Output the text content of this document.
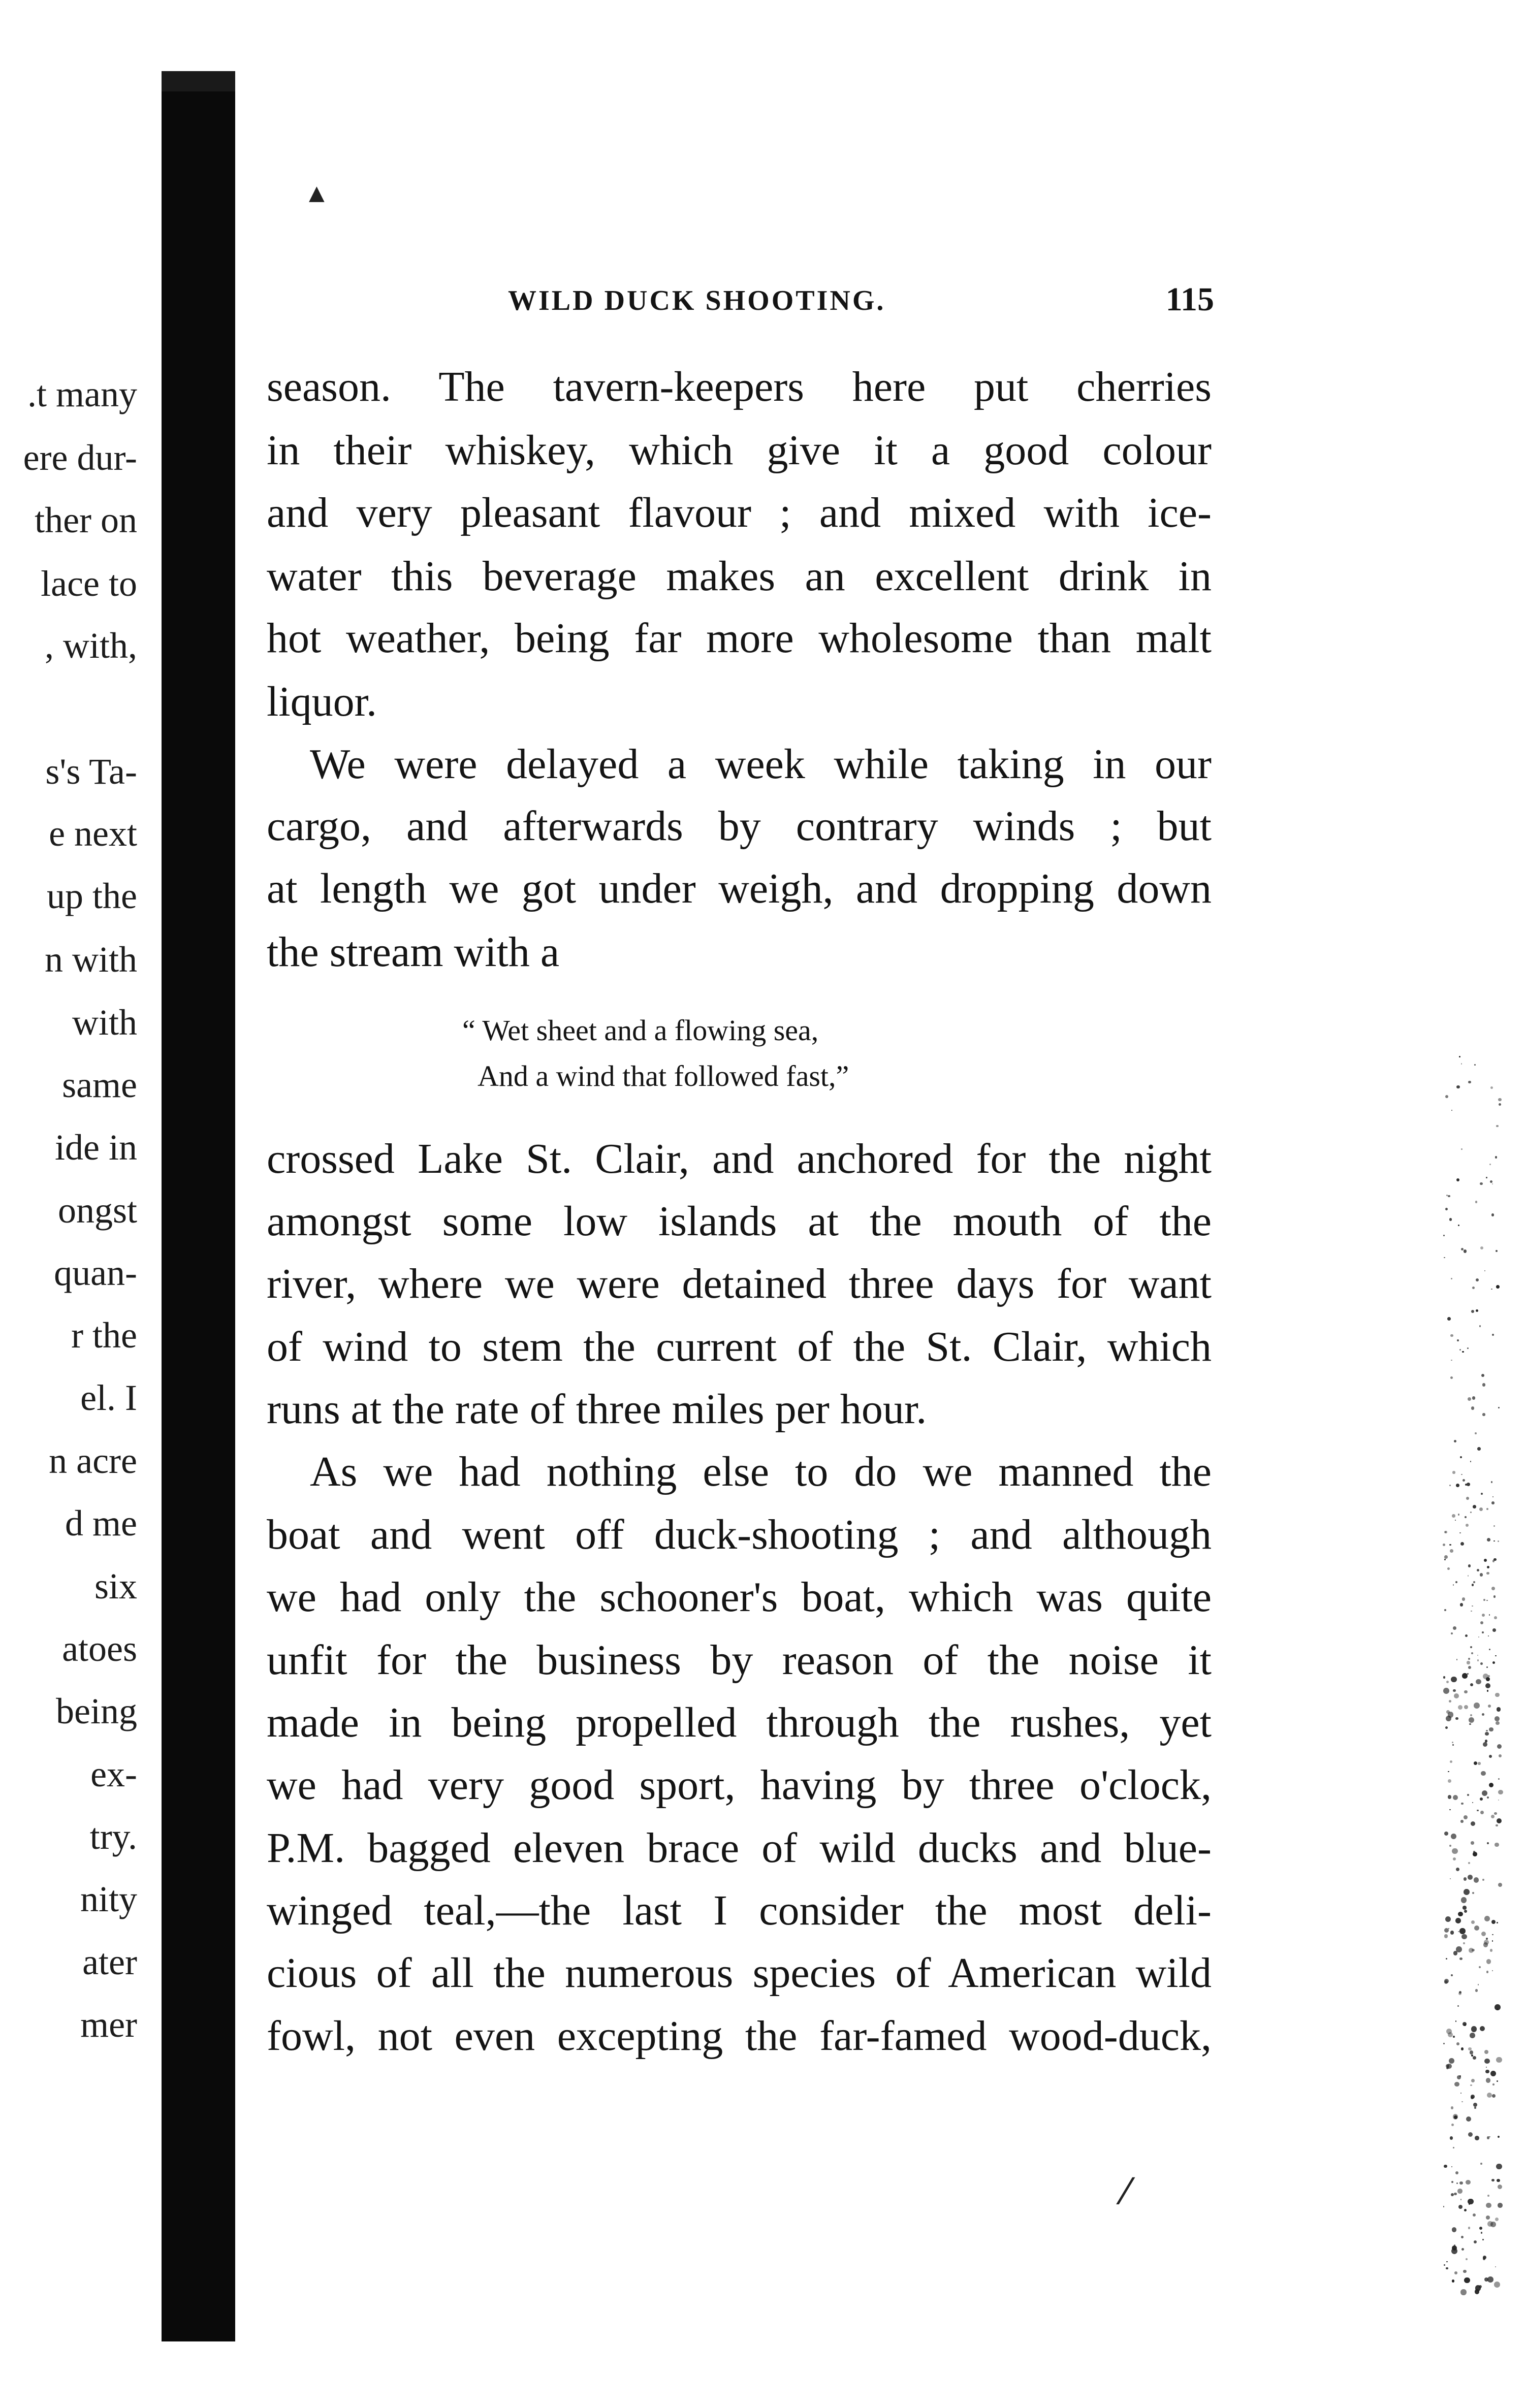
▲
⁄
.t many
ere dur-
ther on
lace to
, with,
s's Ta-
e next
up the
n with
with
same
ide in
ongst
quan-
r the
el. I
n acre
d me
six
atoes
being
ex-
try.
nity
ater
mer
WILD DUCK SHOOTING.	115
season. The tavern-keepers here put cherries
in their whiskey, which give it a good colour
and very pleasant flavour ; and mixed with ice-
water this beverage makes an excellent drink in
hot weather, being far more wholesome than malt
liquor.
We were delayed a week while taking in our
cargo, and afterwards by contrary winds ; but
at length we got under weigh, and dropping down
the stream with a
“ Wet sheet and a flowing sea,
And a wind that followed fast,”
crossed Lake St. Clair, and anchored for the night
amongst some low islands at the mouth of the
river, where we were detained three days for want
of wind to stem the current of the St. Clair, which
runs at the rate of three miles per hour.
As we had nothing else to do we manned the
boat and went off duck-shooting ; and although
we had only the schooner's boat, which was quite
unfit for the business by reason of the noise it
made in being propelled through the rushes, yet
we had very good sport, having by three o'clock,
P.M. bagged eleven brace of wild ducks and blue-
winged teal,—the last I consider the most deli-
cious of all the numerous species of American wild
fowl, not even excepting the far-famed wood-duck,
